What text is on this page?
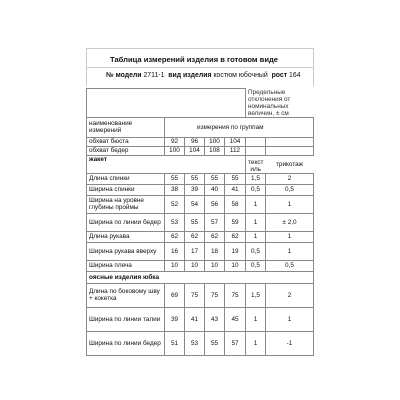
Таблица измерений изделия в готовом виде
№ модели 2711-1 вид изделия костюм юбочный рост 164
					Предельные отклонения от номинальных величин, ± см	
наименование измерений	измерения по группам					
обхват бюста	92	96	100	104		
обхват бедер	100	104	108	112		
жакет					текст иль	трикотаж
Длина спинки	55	55	55	55	1,5	2
Ширина спинки	38	39	40	41	0,5	0,5
Ширина на уровне глубины проймы	52	54	56	58	1	1
Ширина по линии бедер	53	55	57	59	1	± 2,0
Длина рукава	62	62	62	62	1	1
Ширина рукава вверху	16	17	18	19	0,5	1
Ширина плеча	10	10	10	10	0,5	0,5
оясные изделия юбка						
Длина по боковому шву + кокетка	69	75	75	75	1,5	2
Ширина по линии талии	39	41	43	45	1	1
Ширина по линии бедер	51	53	55	57	1	-1
